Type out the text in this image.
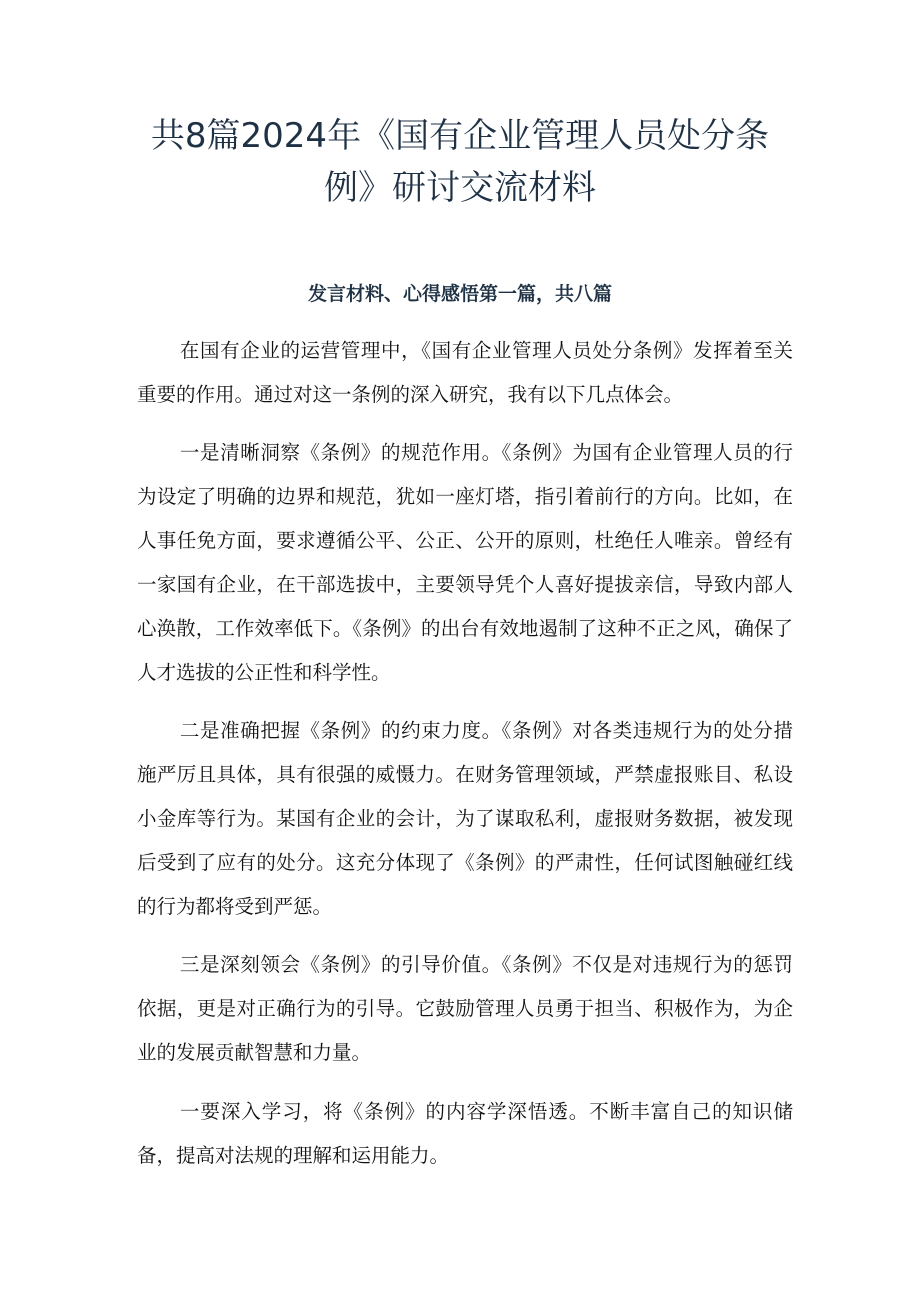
共8篇2024年《国有企业管理人员处分条
例》研讨交流材料
发言材料、心得感悟第一篇，共八篇

在国有企业的运营管理中，《国有企业管理人员处分条例》发挥着至关重要的作用。通过对这一条例的深入研究，我有以下几点体会。

一是清晰洞察《条例》的规范作用。《条例》为国有企业管理人员的行为设定了明确的边界和规范，犹如一座灯塔，指引着前行的方向。比如，在人事任免方面，要求遵循公平、公正、公开的原则，杜绝任人唯亲。曾经有一家国有企业，在干部选拔中，主要领导凭个人喜好提拔亲信，导致内部人心涣散，工作效率低下。《条例》的出台有效地遏制了这种不正之风，确保了人才选拔的公正性和科学性。

二是准确把握《条例》的约束力度。《条例》对各类违规行为的处分措施严厉且具体，具有很强的威慑力。在财务管理领域，严禁虚报账目、私设小金库等行为。某国有企业的会计，为了谋取私利，虚报财务数据，被发现后受到了应有的处分。这充分体现了《条例》的严肃性，任何试图触碰红线的行为都将受到严惩。

三是深刻领会《条例》的引导价值。《条例》不仅是对违规行为的惩罚依据，更是对正确行为的引导。它鼓励管理人员勇于担当、积极作为，为企业的发展贡献智慧和力量。

一要深入学习，将《条例》的内容学深悟透。不断丰富自己的知识储备，提高对法规的理解和运用能力。
